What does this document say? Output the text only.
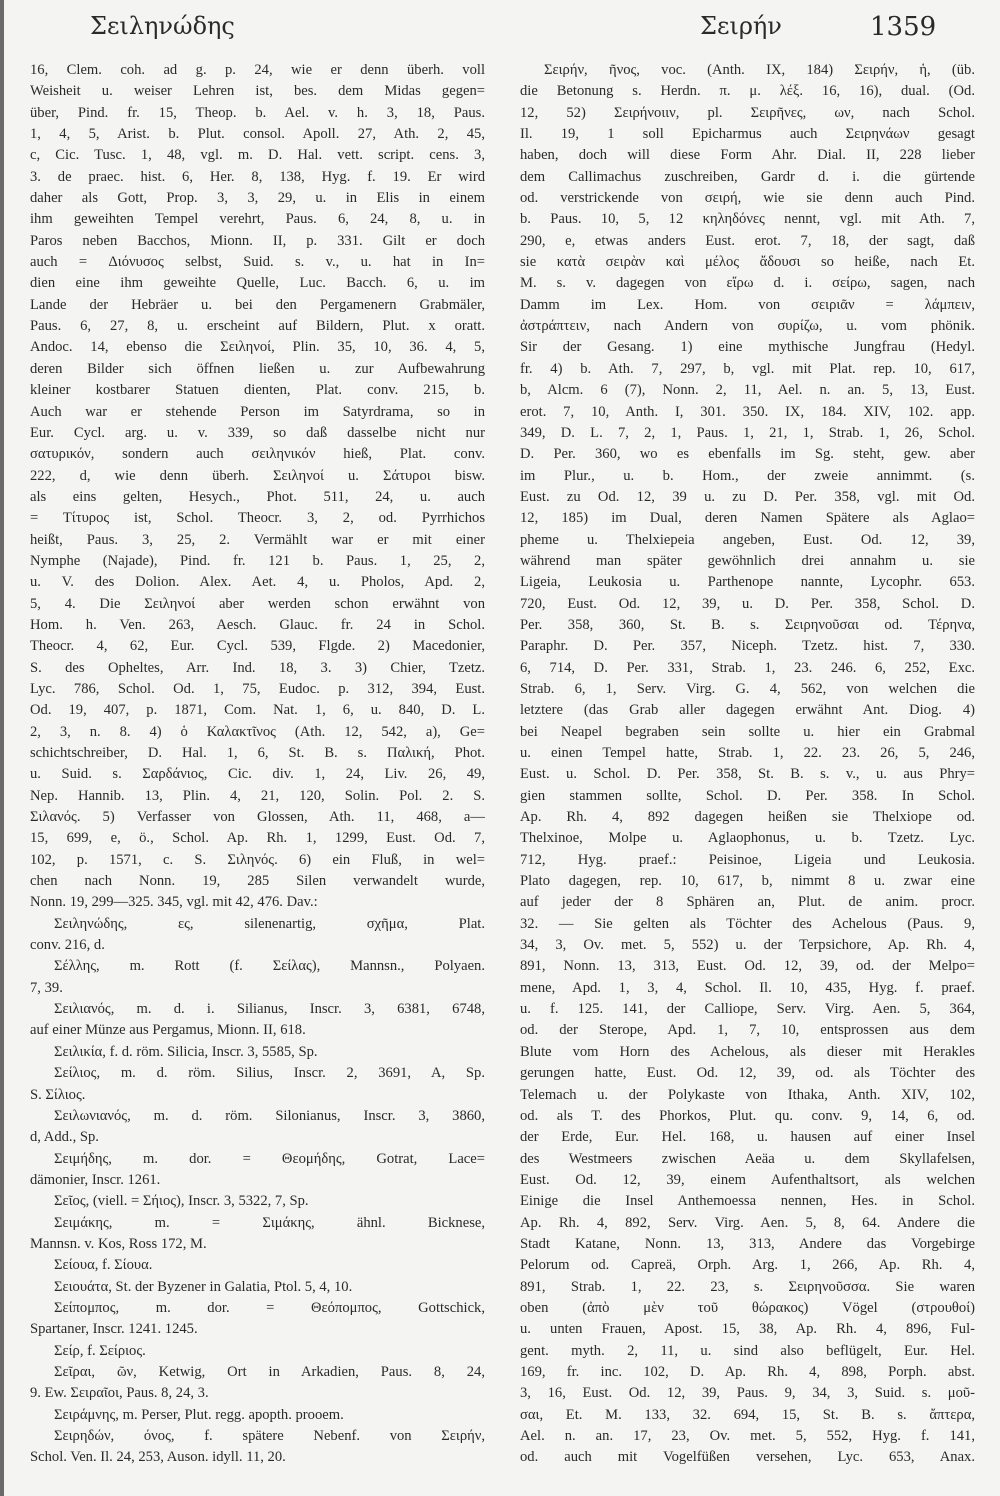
Σειληνώδης	Σειρήν	1359
16, Clem. coh. ad g. p. 24, wie er denn überh. voll
Weisheit u. weiser Lehren ist, bes. dem Midas gegen=
über, Pind. fr. 15, Theop. b. Ael. v. h. 3, 18, Paus.
1, 4, 5, Arist. b. Plut. consol. Apoll. 27, Ath. 2, 45,
c, Cic. Tusc. 1, 48, vgl. m. D. Hal. vett. script. cens. 3,
3. de praec. hist. 6, Her. 8, 138, Hyg. f. 19. Er wird
daher als Gott, Prop. 3, 3, 29, u. in Elis in einem
ihm geweihten Tempel verehrt, Paus. 6, 24, 8, u. in
Paros neben Bacchos, Mionn. II, p. 331. Gilt er doch
auch = Διόνυσος selbst, Suid. s. v., u. hat in In=
dien eine ihm geweihte Quelle, Luc. Bacch. 6, u. im
Lande der Hebräer u. bei den Pergamenern Grabmäler,
Paus. 6, 27, 8, u. erscheint auf Bildern, Plut. x oratt.
Andoc. 14, ebenso die Σειληνοί, Plin. 35, 10, 36. 4, 5,
deren Bilder sich öffnen ließen u. zur Aufbewahrung
kleiner kostbarer Statuen dienten, Plat. conv. 215, b.
Auch war er stehende Person im Satyrdrama, so in
Eur. Cycl. arg. u. v. 339, so daß dasselbe nicht nur
σατυρικόν, sondern auch σειληνικόν hieß, Plat. conv.
222, d, wie denn überh. Σειληνοί u. Σάτυροι bisw.
als eins gelten, Hesych., Phot. 511, 24, u. auch
= Τίτυρος ist, Schol. Theocr. 3, 2, od. Pyrrhichos
heißt, Paus. 3, 25, 2. Vermählt war er mit einer
Nymphe (Najade), Pind. fr. 121 b. Paus. 1, 25, 2,
u. V. des Dolion. Alex. Aet. 4, u. Pholos, Apd. 2,
5, 4. Die Σειληνοί aber werden schon erwähnt von
Hom. h. Ven. 263, Aesch. Glauc. fr. 24 in Schol.
Theocr. 4, 62, Eur. Cycl. 539, Flgde. 2) Macedonier,
S. des Opheltes, Arr. Ind. 18, 3. 3) Chier, Tzetz.
Lyc. 786, Schol. Od. 1, 75, Eudoc. p. 312, 394, Eust.
Od. 19, 407, p. 1871, Com. Nat. 1, 6, u. 840, D. L.
2, 3, n. 8. 4) ὁ Καλακτῖνος (Ath. 12, 542, a), Ge=
schichtschreiber, D. Hal. 1, 6, St. B. s. Παλική, Phot.
u. Suid. s. Σαρδάνιος, Cic. div. 1, 24, Liv. 26, 49,
Nep. Hannib. 13, Plin. 4, 21, 120, Solin. Pol. 2. S.
Σιλανός. 5) Verfasser von Glossen, Ath. 11, 468, a—
15, 699, e, ö., Schol. Ap. Rh. 1, 1299, Eust. Od. 7,
102, p. 1571, c. S. Σιληνός. 6) ein Fluß, in wel=
chen nach Nonn. 19, 285 Silen verwandelt wurde,
Nonn. 19, 299—325. 345, vgl. mit 42, 476. Dav.:
Σειληνώδης, ες, silenenartig, σχῆμα, Plat.
conv. 216, d.
Σέλλης, m. Rott (f. Σείλας), Mannsn., Polyaen.
7, 39.
Σειλιανός, m. d. i. Silianus, Inscr. 3, 6381, 6748,
auf einer Münze aus Pergamus, Mionn. II, 618.
Σειλικία, f. d. röm. Silicia, Inscr. 3, 5585, Sp.
Σείλιος, m. d. röm. Silius, Inscr. 2, 3691, A, Sp.
S. Σίλιος.
Σειλωνιανός, m. d. röm. Silonianus, Inscr. 3, 3860,
d, Add., Sp.
Σειμήδης, m. dor. = Θεομήδης, Gotrat, Lace=
dämonier, Inscr. 1261.
Σεῖος, (viell. = Σήιος), Inscr. 3, 5322, 7, Sp.
Σειμάκης, m. = Σιμάκης, ähnl. Bicknese,
Mannsn. v. Kos, Ross 172, M.
Σείουα, f. Σίουα.
Σειουάτα, St. der Byzener in Galatia, Ptol. 5, 4, 10.
Σείπομπος, m. dor. = Θεόπομπος, Gottschick,
Spartaner, Inscr. 1241. 1245.
Σείρ, f. Σείριος.
Σεῖραι, ῶν, Ketwig, Ort in Arkadien, Paus. 8, 24,
9. Ew. Σειραῖοι, Paus. 8, 24, 3.
Σειράμνης, m. Perser, Plut. regg. apopth. prooem.
Σειρηδών, όνος, f. spätere Nebenf. von Σειρήν,
Schol. Ven. Il. 24, 253, Auson. idyll. 11, 20.
Σειρήν, ῆνος, voc. (Anth. IX, 184) Σειρήν, ἡ, (üb.
die Betonung s. Herdn. π. μ. λέξ. 16, 16), dual. (Od.
12, 52) Σειρήνοιιν, pl. Σειρῆνες, ων, nach Schol.
Il. 19, 1 soll Epicharmus auch Σειρηνάων gesagt
haben, doch will diese Form Ahr. Dial. II, 228 lieber
dem Callimachus zuschreiben, Gardr d. i. die gürtende
od. verstrickende von σειρή, wie sie denn auch Pind.
b. Paus. 10, 5, 12 κηληδόνες nennt, vgl. mit Ath. 7,
290, e, etwas anders Eust. erot. 7, 18, der sagt, daß
sie κατὰ σειρὰν καὶ μέλος ἄδουσι so heiße, nach Et.
M. s. v. dagegen von εἴρω d. i. σείρω, sagen, nach
Damm im Lex. Hom. von σειριᾶν = λάμπειν,
ἀστράπτειν, nach Andern von συρίζω, u. vom phönik.
Sir der Gesang. 1) eine mythische Jungfrau (Hedyl.
fr. 4) b. Ath. 7, 297, b, vgl. mit Plat. rep. 10, 617,
b, Alcm. 6 (7), Nonn. 2, 11, Ael. n. an. 5, 13, Eust.
erot. 7, 10, Anth. I, 301. 350. IX, 184. XIV, 102. app.
349, D. L. 7, 2, 1, Paus. 1, 21, 1, Strab. 1, 26, Schol.
D. Per. 360, wo es ebenfalls im Sg. steht, gew. aber
im Plur., u. b. Hom., der zweie annimmt. (s.
Eust. zu Od. 12, 39 u. zu D. Per. 358, vgl. mit Od.
12, 185) im Dual, deren Namen Spätere als Aglao=
pheme u. Thelxiepeia angeben, Eust. Od. 12, 39,
während man später gewöhnlich drei annahm u. sie
Ligeia, Leukosia u. Parthenope nannte, Lycophr. 653.
720, Eust. Od. 12, 39, u. D. Per. 358, Schol. D.
Per. 358, 360, St. B. s. Σειρηνοῦσαι od. Τέρηνα,
Paraphr. D. Per. 357, Niceph. Tzetz. hist. 7, 330.
6, 714, D. Per. 331, Strab. 1, 23. 246. 6, 252, Exc.
Strab. 6, 1, Serv. Virg. G. 4, 562, von welchen die
letztere (das Grab aller dagegen erwähnt Ant. Diog. 4)
bei Neapel begraben sein sollte u. hier ein Grabmal
u. einen Tempel hatte, Strab. 1, 22. 23. 26, 5, 246,
Eust. u. Schol. D. Per. 358, St. B. s. v., u. aus Phry=
gien stammen sollte, Schol. D. Per. 358. In Schol.
Ap. Rh. 4, 892 dagegen heißen sie Thelxiope od.
Thelxinoe, Molpe u. Aglaophonus, u. b. Tzetz. Lyc.
712, Hyg. praef.: Peisinoe, Ligeia und Leukosia.
Plato dagegen, rep. 10, 617, b, nimmt 8 u. zwar eine
auf jeder der 8 Sphären an, Plut. de anim. procr.
32. — Sie gelten als Töchter des Achelous (Paus. 9,
34, 3, Ov. met. 5, 552) u. der Terpsichore, Ap. Rh. 4,
891, Nonn. 13, 313, Eust. Od. 12, 39, od. der Melpo=
mene, Apd. 1, 3, 4, Schol. Il. 10, 435, Hyg. f. praef.
u. f. 125. 141, der Calliope, Serv. Virg. Aen. 5, 364,
od. der Sterope, Apd. 1, 7, 10, entsprossen aus dem
Blute vom Horn des Achelous, als dieser mit Herakles
gerungen hatte, Eust. Od. 12, 39, od. als Töchter des
Telemach u. der Polykaste von Ithaka, Anth. XIV, 102,
od. als T. des Phorkos, Plut. qu. conv. 9, 14, 6, od.
der Erde, Eur. Hel. 168, u. hausen auf einer Insel
des Westmeers zwischen Aeäa u. dem Skyllafelsen,
Eust. Od. 12, 39, einem Aufenthaltsort, als welchen
Einige die Insel Anthemoessa nennen, Hes. in Schol.
Ap. Rh. 4, 892, Serv. Virg. Aen. 5, 8, 64. Andere die
Stadt Katane, Nonn. 13, 313, Andere das Vorgebirge
Pelorum od. Capreä, Orph. Arg. 1, 266, Ap. Rh. 4,
891, Strab. 1, 22. 23, s. Σειρηνοῦσσα. Sie waren
oben (ἀπὸ μὲν τοῦ θώρακος) Vögel (στρουθοί)
u. unten Frauen, Apost. 15, 38, Ap. Rh. 4, 896, Ful-
gent. myth. 2, 11, u. sind also beflügelt, Eur. Hel.
169, fr. inc. 102, D. Ap. Rh. 4, 898, Porph. abst.
3, 16, Eust. Od. 12, 39, Paus. 9, 34, 3, Suid. s. μοῦ-
σαι, Et. M. 133, 32. 694, 15, St. B. s. ἄπτερα,
Ael. n. an. 17, 23, Ov. met. 5, 552, Hyg. f. 141,
od. auch mit Vogelfüßen versehen, Lyc. 653, Anax.
